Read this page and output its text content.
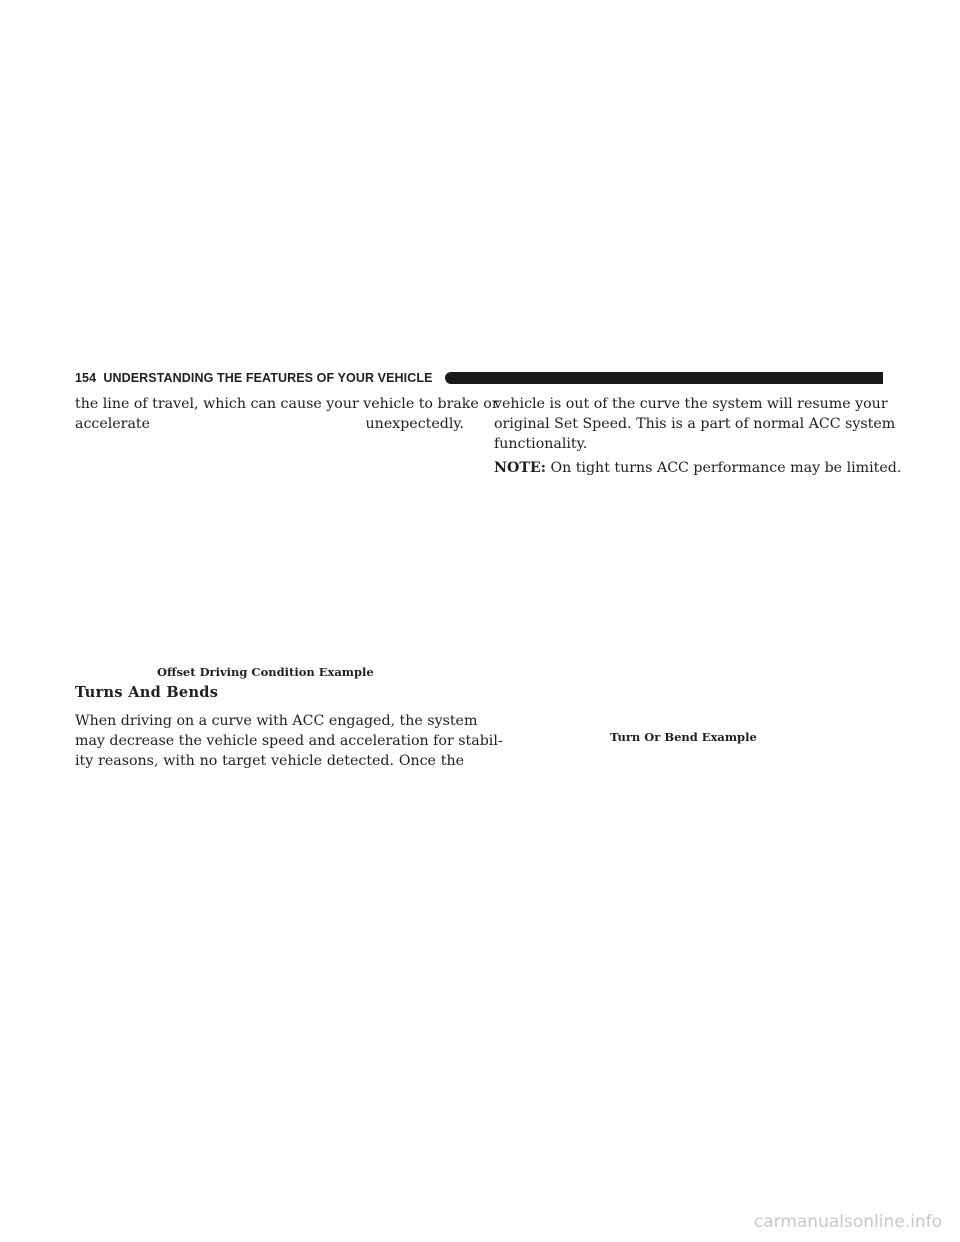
154 UNDERSTANDING THE FEATURES OF YOUR VEHICLE
the line of travel, which can cause your vehicle to brake or
accelerate unexpectedly.
Offset Driving Condition Example
Turns And Bends
When driving on a curve with ACC engaged, the system
may decrease the vehicle speed and acceleration for stabil-
ity reasons, with no target vehicle detected. Once the
vehicle is out of the curve the system will resume your
original Set Speed. This is a part of normal ACC system
functionality.
NOTE: On tight turns ACC performance may be limited.
Turn Or Bend Example
carmanualsonline.info
